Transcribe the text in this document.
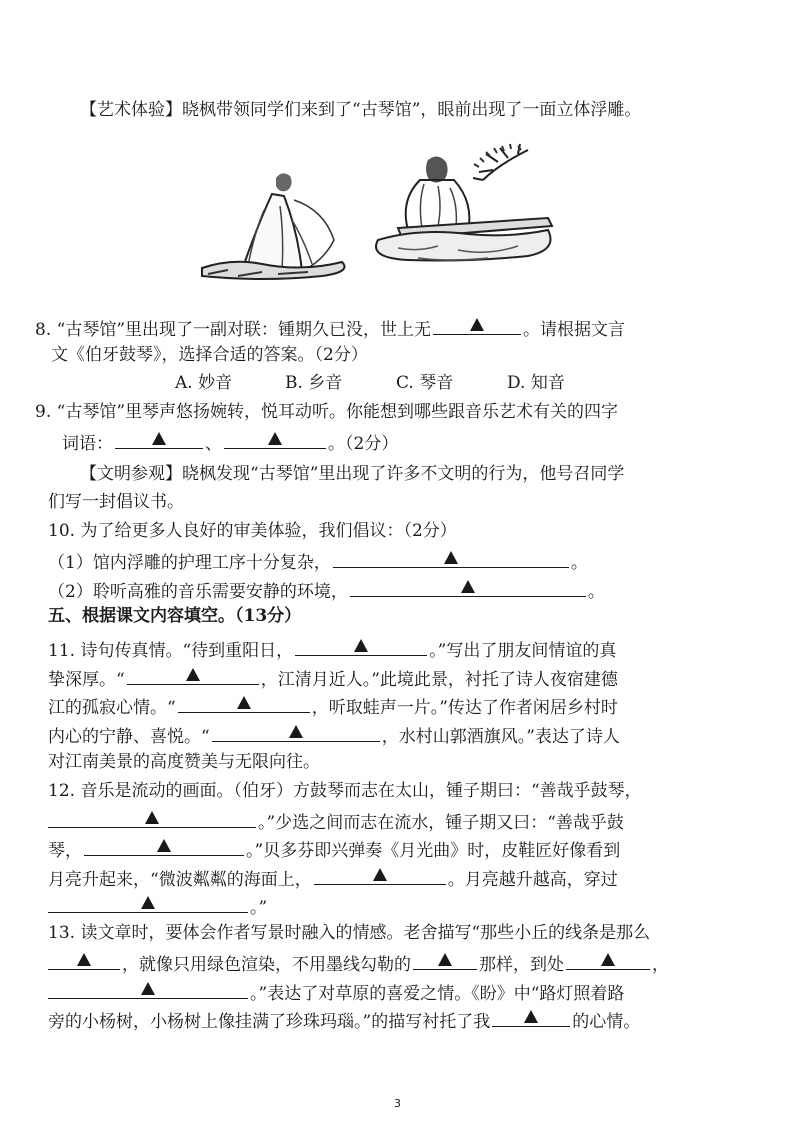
【艺术体验】晓枫带领同学们来到了“古琴馆”，眼前出现了一面立体浮雕。
8. “古琴馆”里出现了一副对联：锺期久已没，世上无	。请根据文言
文《伯牙鼓琴》，选择合适的答案。（2分）
A. 妙音	B. 乡音	C. 琴音	D. 知音
9. “古琴馆”里琴声悠扬婉转，悦耳动听。你能想到哪些跟音乐艺术有关的四字
词语：	、	。（2分）
【文明参观】晓枫发现“古琴馆”里出现了许多不文明的行为，他号召同学
们写一封倡议书。
10. 为了给更多人良好的审美体验，我们倡议：（2分）
（1）馆内浮雕的护理工序十分复杂，	。
（2）聆听高雅的音乐需要安静的环境，	。
五、根据课文内容填空。（13分）
11. 诗句传真情。“待到重阳日，	。”写出了朋友间情谊的真
挚深厚。“	，江清月近人。”此境此景，衬托了诗人夜宿建德
江的孤寂心情。“	，听取蛙声一片。”传达了作者闲居乡村时
内心的宁静、喜悦。“	，水村山郭酒旗风。”表达了诗人
对江南美景的高度赞美与无限向往。
12. 音乐是流动的画面。（伯牙）方鼓琴而志在太山，锺子期曰：“善哉乎鼓琴，
。”少选之间而志在流水，锺子期又曰：“善哉乎鼓
琴，	。”贝多芬即兴弹奏《月光曲》时，皮鞋匠好像看到
月亮升起来，“微波粼粼的海面上，	。月亮越升越高，穿过
。”
13. 读文章时，要体会作者写景时融入的情感。老舍描写“那些小丘的线条是那么
，就像只用绿色渲染，不用墨线勾勒的	那样，到处	，
。”表达了对草原的喜爱之情。《盼》中“路灯照着路
旁的小杨树，小杨树上像挂满了珍珠玛瑙。”的描写衬托了我	的心情。
3
